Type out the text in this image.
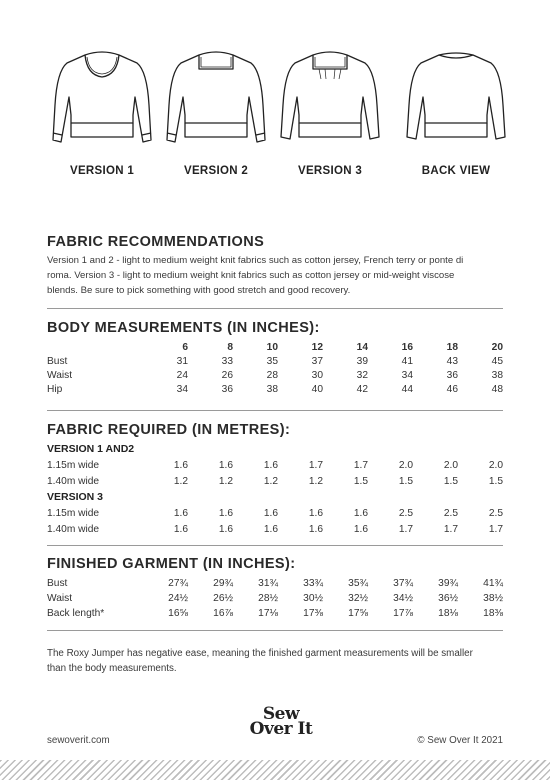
VERSION 1	VERSION 2	VERSION 3	BACK VIEW
FABRIC RECOMMENDATIONS

Version 1 and 2 - light to medium weight knit fabrics such as cotton jersey, French terry or ponte di
roma. Version 3 - light to medium weight knit fabrics such as cotton jersey or mid-weight viscose
blends. Be sure to pick something with good stretch and good recovery.

BODY MEASUREMENTS (IN INCHES):
	6	8	10	12	14	16	18	20
Bust	31	33	35	37	39	41	43	45
Waist	24	26	28	30	32	34	36	38
Hip	34	36	38	40	42	44	46	48
FABRIC REQUIRED (IN METRES):
VERSION 1 AND2								
1.15m wide	1.6	1.6	1.6	1.7	1.7	2.0	2.0	2.0
1.40m wide	1.2	1.2	1.2	1.2	1.5	1.5	1.5	1.5
VERSION 3								
1.15m wide	1.6	1.6	1.6	1.6	1.6	2.5	2.5	2.5
1.40m wide	1.6	1.6	1.6	1.6	1.6	1.7	1.7	1.7
FINISHED GARMENT (IN INCHES):
Bust	27¾	29¾	31¾	33¾	35¾	37¾	39¾	41¾
Waist	24½	26½	28½	30½	32½	34½	36½	38½
Back length*	16⅝	16⅞	17⅛	17⅜	17⅝	17⅞	18⅛	18⅜

The Roxy Jumper has negative ease, meaning the finished garment measurements will be smaller than the body measurements.

sewoverit.com
Sew
Over It
© Sew Over It 2021
